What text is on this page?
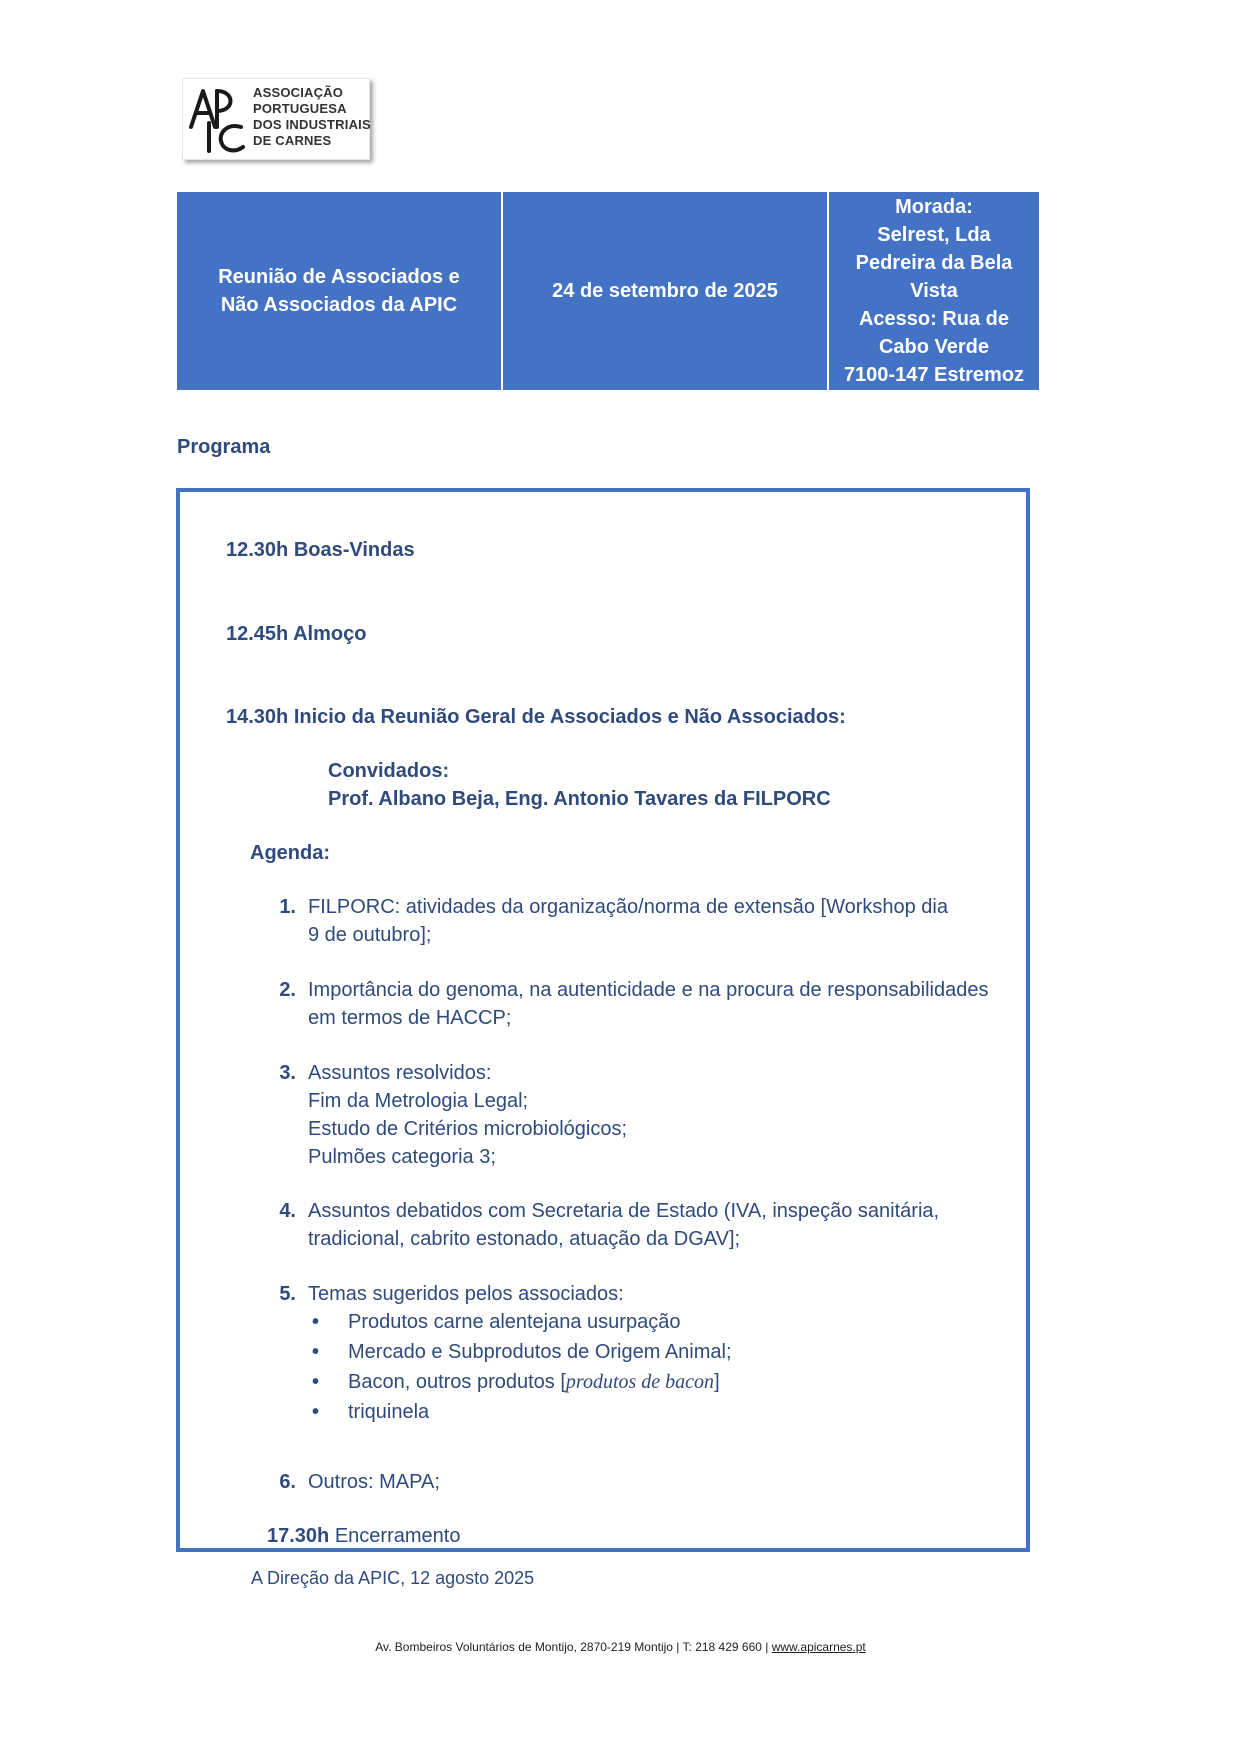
ASSOCIAÇÃO
PORTUGUESA
DOS INDUSTRIAIS
DE CARNES
Reunião de Associados e
Não Associados da APIC
24 de setembro de 2025
Morada:
Selrest, Lda
Pedreira da Bela
Vista
Acesso: Rua de
Cabo Verde
7100-147 Estremoz
Programa
12.30h Boas-Vindas
12.45h Almoço
14.30h Inicio da Reunião Geral de Associados e Não Associados:
Convidados:
Prof. Albano Beja, Eng. Antonio Tavares da FILPORC
Agenda:
1. FILPORC: atividades da organização/norma de extensão [Workshop dia
9 de outubro];
2. Importância do genoma, na autenticidade e na procura de responsabilidades
em termos de HACCP;
3. Assuntos resolvidos:
Fim da Metrologia Legal;
Estudo de Critérios microbiológicos;
Pulmões categoria 3;
4. Assuntos debatidos com Secretaria de Estado (IVA, inspeção sanitária,
tradicional, cabrito estonado, atuação da DGAV];
5. Temas sugeridos pelos associados:
•	Produtos carne alentejana usurpação
•	Mercado e Subprodutos de Origem Animal;
•	Bacon, outros produtos [produtos de bacon]
•	triquinela
6. Outros: MAPA;
17.30h Encerramento
A Direção da APIC, 12 agosto 2025
Av. Bombeiros Voluntários de Montijo, 2870-219 Montijo | T: 218 429 660 | www.apicarnes.pt
